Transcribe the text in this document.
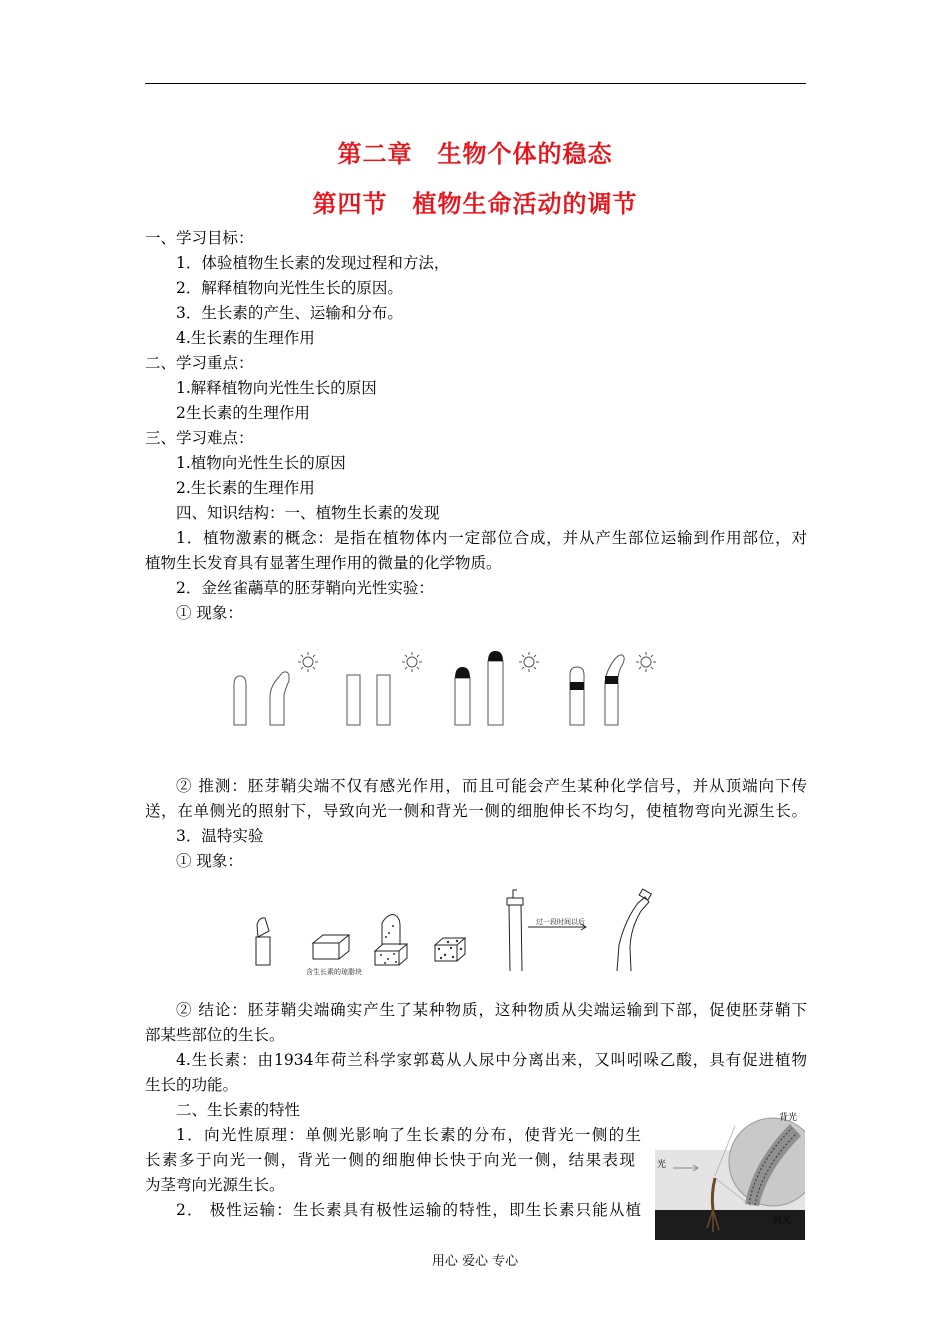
第二章　生物个体的稳态
第四节　植物生命活动的调节
一、学习目标：
1．体验植物生长素的发现过程和方法，
2．解释植物向光性生长的原因。
3．生长素的产生、运输和分布。
4.生长素的生理作用
二、学习重点：
1.解释植物向光性生长的原因
2生长素的生理作用
三、学习难点：
1.植物向光性生长的原因
2.生长素的生理作用
四、知识结构：一、植物生长素的发现
1．植物激素的概念：是指在植物体内一定部位合成，并从产生部位运输到作用部位，对
植物生长发育具有显著生理作用的微量的化学物质。
2．金丝雀虉草的胚芽鞘向光性实验：
① 现象：
② 推测：胚芽鞘尖端不仅有感光作用，而且可能会产生某种化学信号，并从顶端向下传
送，在单侧光的照射下，导致向光一侧和背光一侧的细胞伸长不均匀，使植物弯向光源生长。
3．温特实验
① 现象：
含生长素的琼脂块
过一段时间以后
② 结论：胚芽鞘尖端确实产生了某种物质，这种物质从尖端运输到下部，促使胚芽鞘下
部某些部位的生长。
4.生长素：由1934年荷兰科学家郭葛从人尿中分离出来，又叫吲哚乙酸，具有促进植物
生长的功能。
二、生长素的特性
1．向光性原理：单侧光影响了生长素的分布，使背光一侧的生
长素多于向光一侧，背光一侧的细胞伸长快于向光一侧，结果表现
为茎弯向光源生长。
2． 极性运输：生长素具有极性运输的特性，即生长素只能从植
光
背光
向光
用心 爱心 专心
